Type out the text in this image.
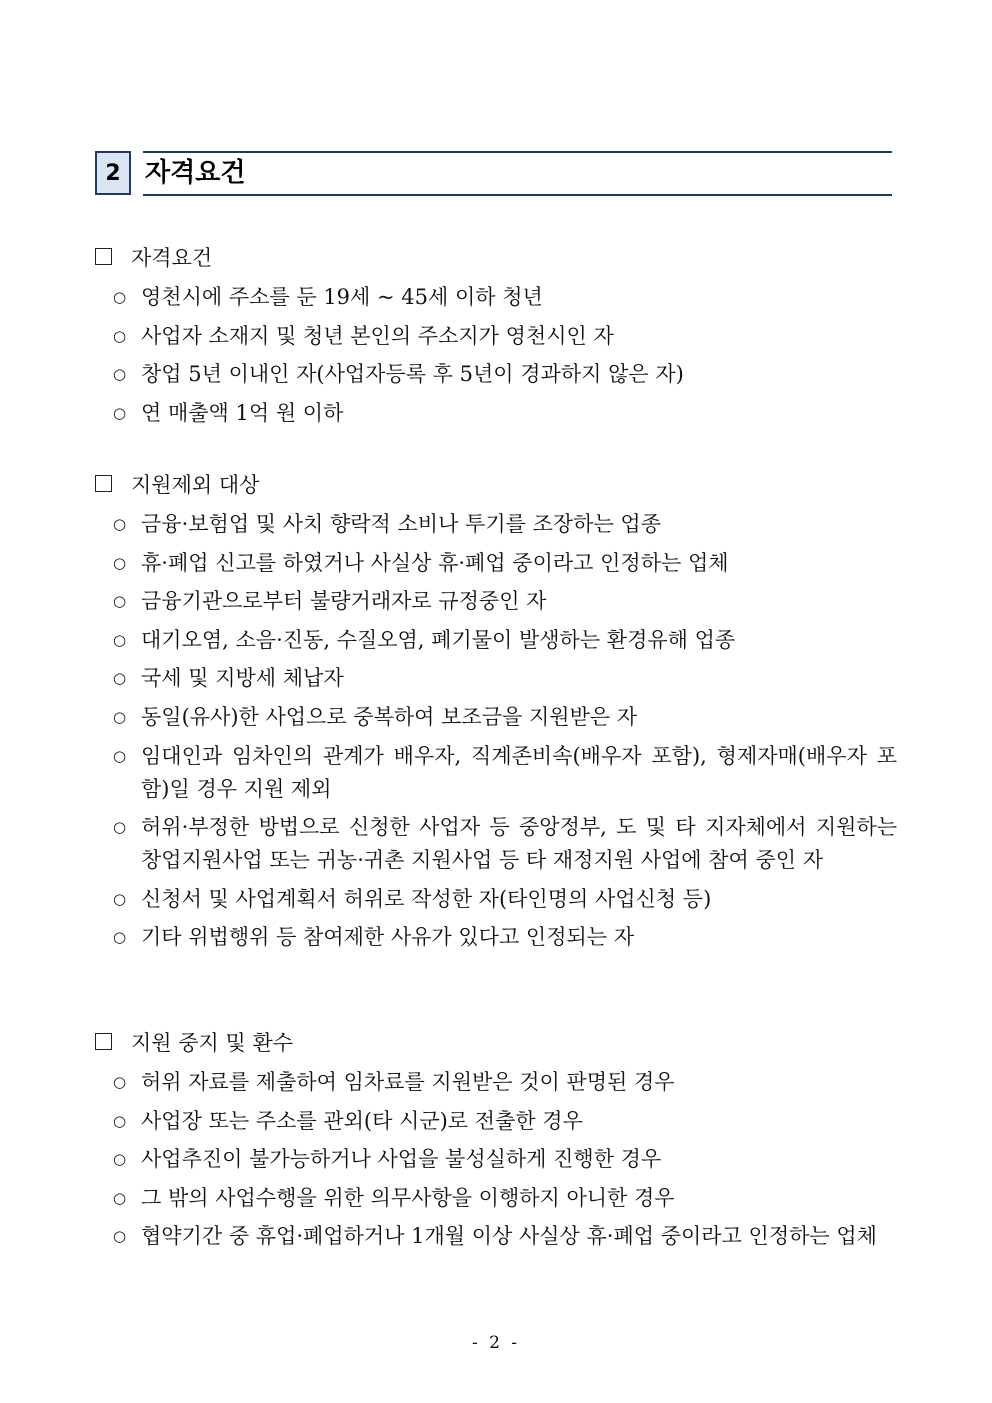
2 자격요건
자격요건
○ 영천시에 주소를 둔 19세 ~ 45세 이하 청년
○ 사업자 소재지 및 청년 본인의 주소지가 영천시인 자
○ 창업 5년 이내인 자(사업자등록 후 5년이 경과하지 않은 자)
○ 연 매출액 1억 원 이하
지원제외 대상
○ 금융·보험업 및 사치 향락적 소비나 투기를 조장하는 업종
○ 휴·폐업 신고를 하였거나 사실상 휴·폐업 중이라고 인정하는 업체
○ 금융기관으로부터 불량거래자로 규정중인 자
○ 대기오염, 소음·진동, 수질오염, 폐기물이 발생하는 환경유해 업종
○ 국세 및 지방세 체납자
○ 동일(유사)한 사업으로 중복하여 보조금을 지원받은 자
○ 임대인과 임차인의 관계가 배우자, 직계존비속(배우자 포함), 형제자매(배우자 포함)일 경우 지원 제외
○ 허위·부정한 방법으로 신청한 사업자 등 중앙정부, 도 및 타 지자체에서 지원하는 창업지원사업 또는 귀농·귀촌 지원사업 등 타 재정지원 사업에 참여 중인 자
○ 신청서 및 사업계획서 허위로 작성한 자(타인명의 사업신청 등)
○ 기타 위법행위 등 참여제한 사유가 있다고 인정되는 자
지원 중지 및 환수
○ 허위 자료를 제출하여 임차료를 지원받은 것이 판명된 경우
○ 사업장 또는 주소를 관외(타 시군)로 전출한 경우
○ 사업추진이 불가능하거나 사업을 불성실하게 진행한 경우
○ 그 밖의 사업수행을 위한 의무사항을 이행하지 아니한 경우
○ 협약기간 중 휴업·폐업하거나 1개월 이상 사실상 휴·폐업 중이라고 인정하는 업체
- 2 -
